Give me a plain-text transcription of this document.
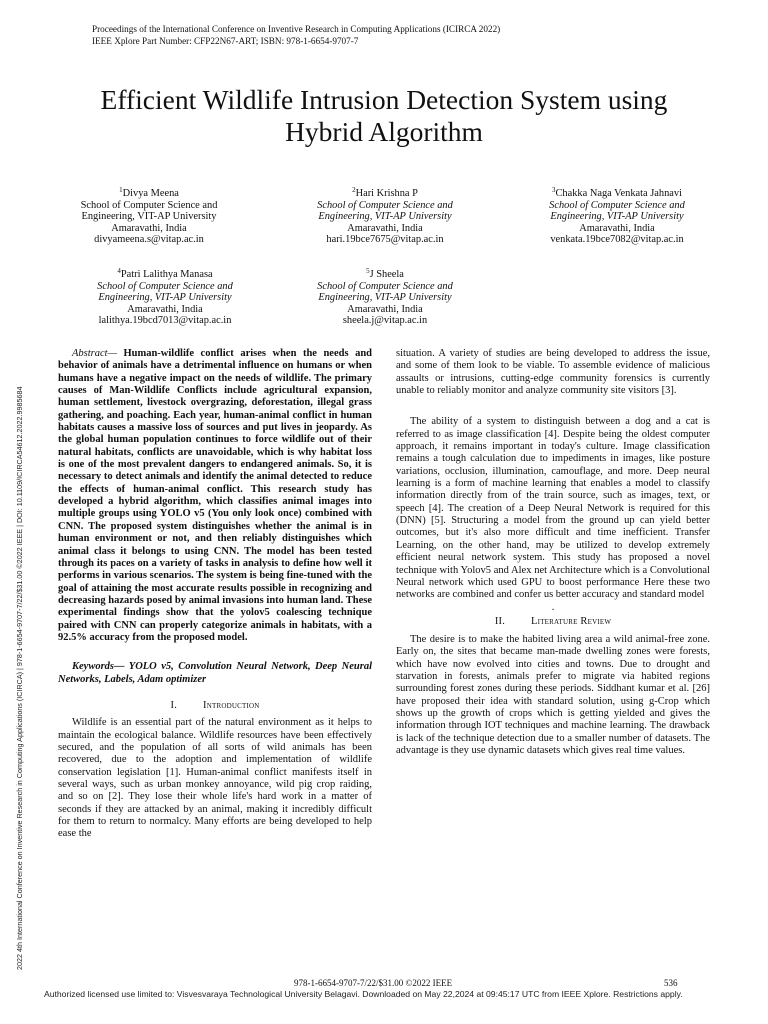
Proceedings of the International Conference on Inventive Research in Computing Applications (ICIRCA 2022)
IEEE Xplore Part Number: CFP22N67-ART; ISBN: 978-1-6654-9707-7
Efficient Wildlife Intrusion Detection System using
Hybrid Algorithm
$^1$Divya Meena
School of Computer Science and
Engineering, VIT-AP University
Amaravathi, India
divyameena.s@vitap.ac.in
$^2$Hari Krishna P
School of Computer Science and
Engineering, VIT-AP University
Amaravathi, India
hari.19bce7675@vitap.ac.in
$^3$Chakka Naga Venkata Jahnavi
School of Computer Science and
Engineering, VIT-AP University
Amaravathi, India
venkata.19bce7082@vitap.ac.in
$^4$Patri Lalithya Manasa
School of Computer Science and
Engineering, VIT-AP University
Amaravathi, India
lalithya.19bcd7013@vitap.ac.in
$^5$J Sheela
School of Computer Science and
Engineering, VIT-AP University
Amaravathi, India
sheela.j@vitap.ac.in
2022 4th International Conference on Inventive Research in Computing Applications (ICIRCA) | 978-1-6654-9707-7/22/$31.00 ©2022 IEEE | DOI: 10.1109/ICIRCA54612.2022.9985684

Abstract— Human-wildlife conflict arises when the needs and behavior of animals have a detrimental influence on humans or when humans have a negative impact on the needs of wildlife. The primary causes of Man-Wildlife Conflicts include agricultural expansion, human settlement, livestock overgrazing, deforestation, illegal grass gathering, and poaching. Each year, human-animal conflict in human habitats causes a massive loss of sources and put lives in jeopardy. As the global human population continues to force wildlife out of their natural habitats, conflicts are unavoidable, which is why habitat loss is one of the most prevalent dangers to endangered animals. So, it is necessary to detect animals and identify the animal detected to reduce the effects of human-animal conflict. This research study has developed a hybrid algorithm, which classifies animal images into multiple groups using YOLO v5 (You only look once) combined with CNN. The proposed system distinguishes whether the animal is in human environment or not, and then reliably distinguishes which animal class it belongs to using CNN. The model has been tested through its paces on a variety of tasks in analysis to define how well it performs in various scenarios. The system is being fine-tuned with the goal of attaining the most accurate results possible in recognizing and decreasing hazards posed by animal invasions into human land. These experimental findings show that the yolov5 coalescing technique paired with CNN can properly categorize animals in habitats, with a 92.5% accuracy from the proposed model.

Keywords— YOLO v5, Convolution Neural Network, Deep Neural Networks, Labels, Adam optimizer

I. Introduction

Wildlife is an essential part of the natural environment as it helps to maintain the ecological balance. Wildlife resources have been effectively secured, and the population of all sorts of wild animals has been recovered, due to the adoption and implementation of wildlife conservation legislation [1]. Human-animal conflict manifests itself in several ways, such as urban monkey annoyance, wild pig crop raiding, and so on [2]. They lose their whole life's hard work in a matter of seconds if they are attacked by an animal, making it incredibly difficult for them to return to normalcy. Many efforts are being developed to help ease the

situation. A variety of studies are being developed to address the issue, and some of them look to be viable. To assemble evidence of malicious assaults or intrusions, cutting-edge community forensics is currently unable to reliably monitor and analyze community site visitors [3].

The ability of a system to distinguish between a dog and a cat is referred to as image classification [4]. Despite being the oldest computer approach, it remains important in today's culture. Image classification remains a tough calculation due to impediments in images, like posture variations, occlusion, illumination, camouflage, and more. Deep neural learning is a form of machine learning that enables a model to classify information directly from of the train source, such as images, text, or speech [4]. The creation of a Deep Neural Network is required for this (DNN) [5]. Structuring a model from the ground up can yield better outcomes, but it's also more difficult and time inefficient. Transfer Learning, on the other hand, may be utilized to develop extremely efficient neural network system. This study has proposed a novel technique with Yolov5 and Alex net Architecture which is a Convolutional Neural network which used GPU to boost performance Here these two networks are combined and confer us better accuracy and standard model

.

II. Literature Review

The desire is to make the habited living area a wild animal-free zone. Early on, the sites that became man-made dwelling zones were forests, which have now evolved into cities and towns. Due to drought and starvation in forests, animals prefer to migrate via habited regions surrounding forest zones during these periods. Siddhant kumar et al. [26] have proposed their idea with standard solution, using g-Crop which shows up the growth of crops which is getting yielded and gives the information through IOT techniques and machine learning. The drawback is lack of the technique detection due to a smaller number of datasets. The advantage is they use dynamic datasets which gives real time values.

978-1-6654-9707-7/22/$31.00 ©2022 IEEE	536
Authorized licensed use limited to: Visvesvaraya Technological University Belagavi. Downloaded on May 22,2024 at 09:45:17 UTC from IEEE Xplore. Restrictions apply.
